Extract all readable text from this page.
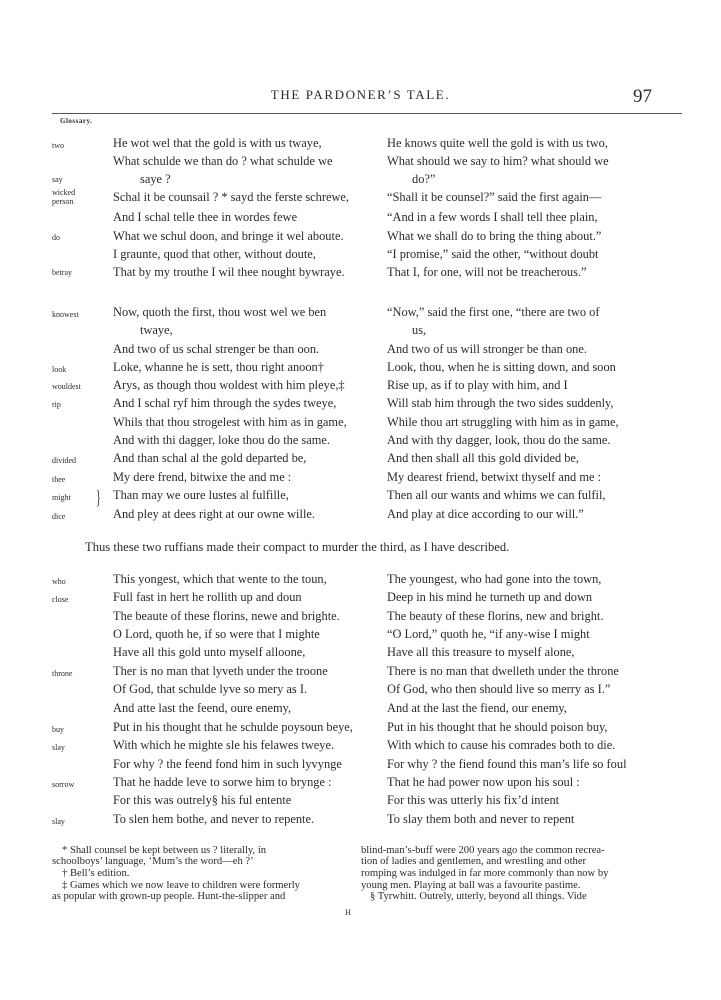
THE PARDONER’S TALE.	97
Glossary.
two
say
wicked
person
do
betray
He wot wel that the gold is with us twaye,
What schulde we than do ? what schulde we
saye ?
Schal it be counsail ? * sayd the ferste schrewe,
And I schal telle thee in wordes fewe
What we schul doon, and bringe it wel aboute.
I graunte, quod that other, without doute,
That by my trouthe I wil thee nought bywraye.
He knows quite well the gold is with us two,
What should we say to him? what should we
do?”
“Shall it be counsel?” said the first again—
“And in a few words I shall tell thee plain,
What we shall do to bring the thing about.”
“I promise,” said the other, “without doubt
That I, for one, will not be treacherous.”
knowest
look
wouldest
rip
divided
thee
might
dice
Now, quoth the first, thou wost wel we ben
twaye,
And two of us schal strenger be than oon.
Loke, whanne he is sett, thou right anoon†
Arys, as though thou woldest with him pleye,‡
And I schal ryf him through the sydes tweye,
Whils that thou strogelest with him as in game,
And with thi dagger, loke thou do the same.
And than schal al the gold departed be,
My dere frend, bitwixe the and me :
Than may we oure lustes al fulfille,
And pley at dees right at our owne wille.
“Now,” said the first one, “there are two of
us,
And two of us will stronger be than one.
Look, thou, when he is sitting down, and soon
Rise up, as if to play with him, and I
Will stab him through the two sides suddenly,
While thou art struggling with him as in game,
And with thy dagger, look, thou do the same.
And then shall all this gold divided be,
My dearest friend, betwixt thyself and me :
Then all our wants and whims we can fulfil,
And play at dice according to our will.”
who
close
throne
buy
slay
sorrow
slay
This yongest, which that wente to the toun,
Full fast in hert he rollith up and doun
The beaute of these florins, newe and brighte.
O Lord, quoth he, if so were that I mighte
Have all this gold unto myself alloone,
Ther is no man that lyveth under the troone
Of God, that schulde lyve so mery as I.
And atte last the feend, oure enemy,
Put in his thought that he schulde poysoun beye,
With which he mighte sle his felawes tweye.
For why ? the feend fond him in such lyvynge
That he hadde leve to sorwe him to brynge :
For this was outrely§ his ful entente
To slen hem bothe, and never to repente.
The youngest, who had gone into the town,
Deep in his mind he turneth up and down
The beauty of these florins, new and bright.
“O Lord,” quoth he, “if any-wise I might
Have all this treasure to myself alone,
There is no man that dwelleth under the throne
Of God, who then should live so merry as I.”
And at the last the fiend, our enemy,
Put in his thought that he should poison buy,
With which to cause his comrades both to die.
For why ? the fiend found this man’s life so foul
That he had power now upon his soul :
For this was utterly his fix’d intent
To slay them both and never to repent
* Shall counsel be kept between us ? literally, in
schoolboys’ language, ‘Mum’s the word—eh ?’
† Bell’s edition.
‡ Games which we now leave to children were formerly
as popular with grown-up people. Hunt-the-slipper and
blind-man’s-buff were 200 years ago the common recrea-
tion of ladies and gentlemen, and wrestling and other
romping was indulged in far more commonly than now by
young men. Playing at ball was a favourite pastime.
§ Tyrwhitt. Outrely, utterly, beyond all things. Vide
}
Thus these two ruffians made their compact to murder the third, as I have described.
H
